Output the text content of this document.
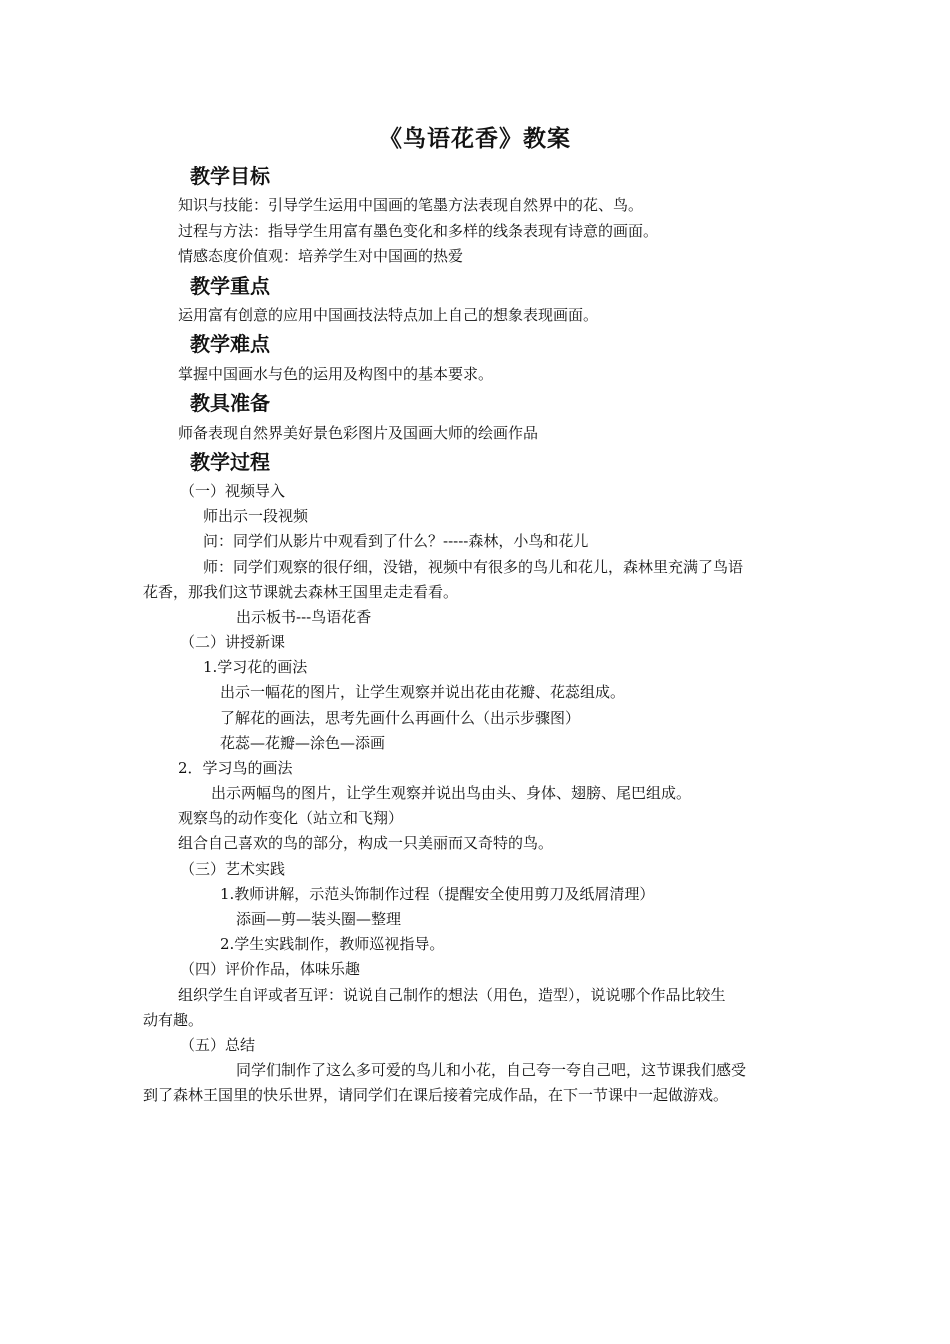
《鸟语花香》教案
教学目标
知识与技能：引导学生运用中国画的笔墨方法表现自然界中的花、鸟。
过程与方法：指导学生用富有墨色变化和多样的线条表现有诗意的画面。
情感态度价值观：培养学生对中国画的热爱
教学重点
运用富有创意的应用中国画技法特点加上自己的想象表现画面。
教学难点
掌握中国画水与色的运用及构图中的基本要求。
教具准备
师备表现自然界美好景色彩图片及国画大师的绘画作品
教学过程
（一）视频导入
师出示一段视频
问：同学们从影片中观看到了什么？-----森林，小鸟和花儿
师：同学们观察的很仔细，没错，视频中有很多的鸟儿和花儿，森林里充满了鸟语
花香，那我们这节课就去森林王国里走走看看。
出示板书---鸟语花香
（二）讲授新课
1.学习花的画法
出示一幅花的图片，让学生观察并说出花由花瓣、花蕊组成。
了解花的画法，思考先画什么再画什么（出示步骤图）
花蕊—花瓣—涂色—添画
2．学习鸟的画法
出示两幅鸟的图片，让学生观察并说出鸟由头、身体、翅膀、尾巴组成。
观察鸟的动作变化（站立和飞翔）
组合自己喜欢的鸟的部分，构成一只美丽而又奇特的鸟。
（三）艺术实践
1.教师讲解，示范头饰制作过程（提醒安全使用剪刀及纸屑清理）
添画—剪—装头圈—整理
2.学生实践制作，教师巡视指导。
（四）评价作品，体味乐趣
组织学生自评或者互评：说说自己制作的想法（用色，造型），说说哪个作品比较生
动有趣。
（五）总结
同学们制作了这么多可爱的鸟儿和小花，自己夸一夸自己吧，这节课我们感受
到了森林王国里的快乐世界，请同学们在课后接着完成作品，在下一节课中一起做游戏。
